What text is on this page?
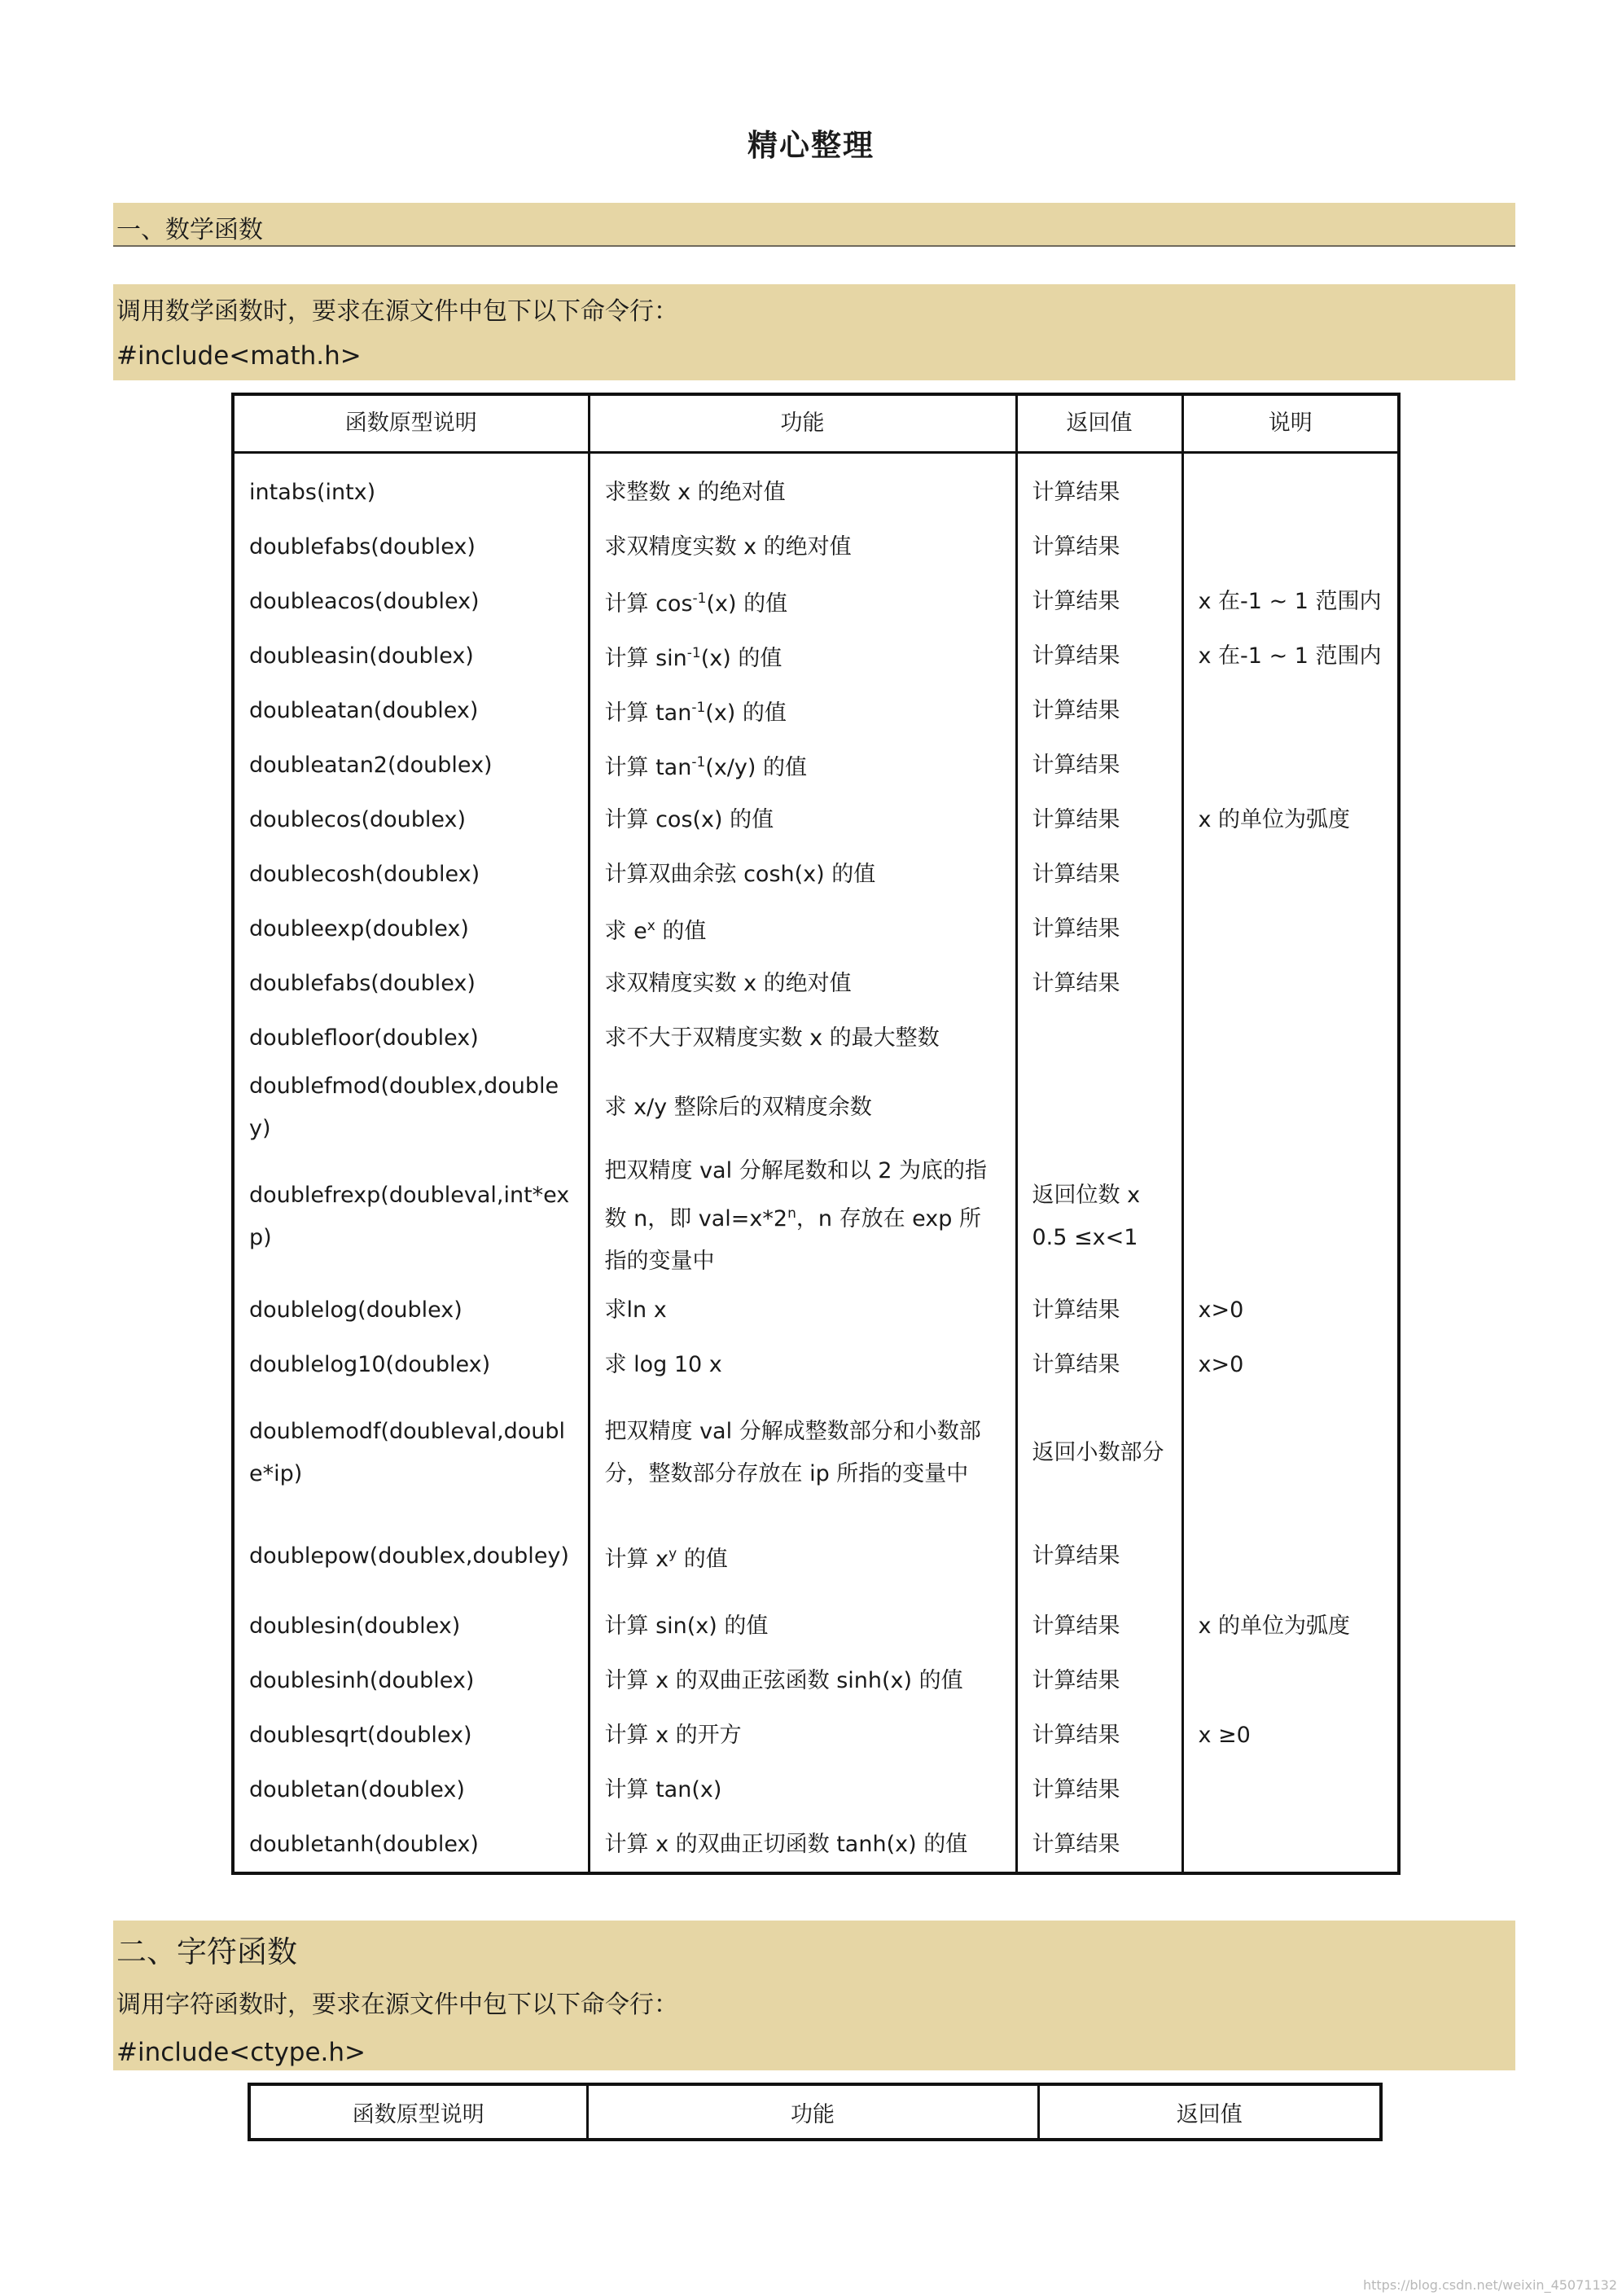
精心整理
一、数学函数
调用数学函数时，要求在源文件中包下以下命令行：
#include<math.h>
函数原型说明	功能	返回值	说明
intabs(intx)	求整数 x 的绝对值	计算结果	
doublefabs(doublex)	求双精度实数 x 的绝对值	计算结果	
doubleacos(doublex)	计算 $\cos^{-1}(x)$ 的值	计算结果	x 在-1 ~ 1 范围内
doubleasin(doublex)	计算 $\sin^{-1}(x)$ 的值	计算结果	x 在-1 ~ 1 范围内
doubleatan(doublex)	计算 $\tan^{-1}(x)$ 的值	计算结果	
doubleatan2(doublex)	计算 $\tan^{-1}(x/y)$ 的值	计算结果	
doublecos(doublex)	计算 cos(x) 的值	计算结果	x 的单位为弧度
doublecosh(doublex)	计算双曲余弦 cosh(x) 的值	计算结果	
doubleexp(doublex)	求 $e^x$ 的值	计算结果	
doublefabs(doublex)	求双精度实数 x 的绝对值	计算结果	
doublefloor(doublex)	求不大于双精度实数 x 的最大整数		
doublefmod(doublex,doubley)	求 x/y 整除后的双精度余数		
doublefrexp(doubleval,int*exp)	把双精度 val 分解尾数和以 2 为底的指数 n，即 $val=x*2^n$，n 存放在 exp 所指的变量中	返回位数 x 0.5 ≤x<1	
doublelog(doublex)	求ln x	计算结果	x>0
doublelog10(doublex)	求 log 10 x	计算结果	x>0
doublemodf(doubleval,double*ip)	把双精度 val 分解成整数部分和小数部分，整数部分存放在 ip 所指的变量中	返回小数部分	
doublepow(doublex,doubley)	计算 $x^y$ 的值	计算结果	
doublesin(doublex)	计算 sin(x) 的值	计算结果	x 的单位为弧度
doublesinh(doublex)	计算 x 的双曲正弦函数 sinh(x) 的值	计算结果	
doublesqrt(doublex)	计算 x 的开方	计算结果	x ≥0
doubletan(doublex)	计算 tan(x)	计算结果	
doubletanh(doublex)	计算 x 的双曲正切函数 tanh(x) 的值	计算结果	
二、字符函数
调用字符函数时，要求在源文件中包下以下命令行：
#include<ctype.h>
函数原型说明	功能	返回值
https://blog.csdn.net/weixin_45071132
